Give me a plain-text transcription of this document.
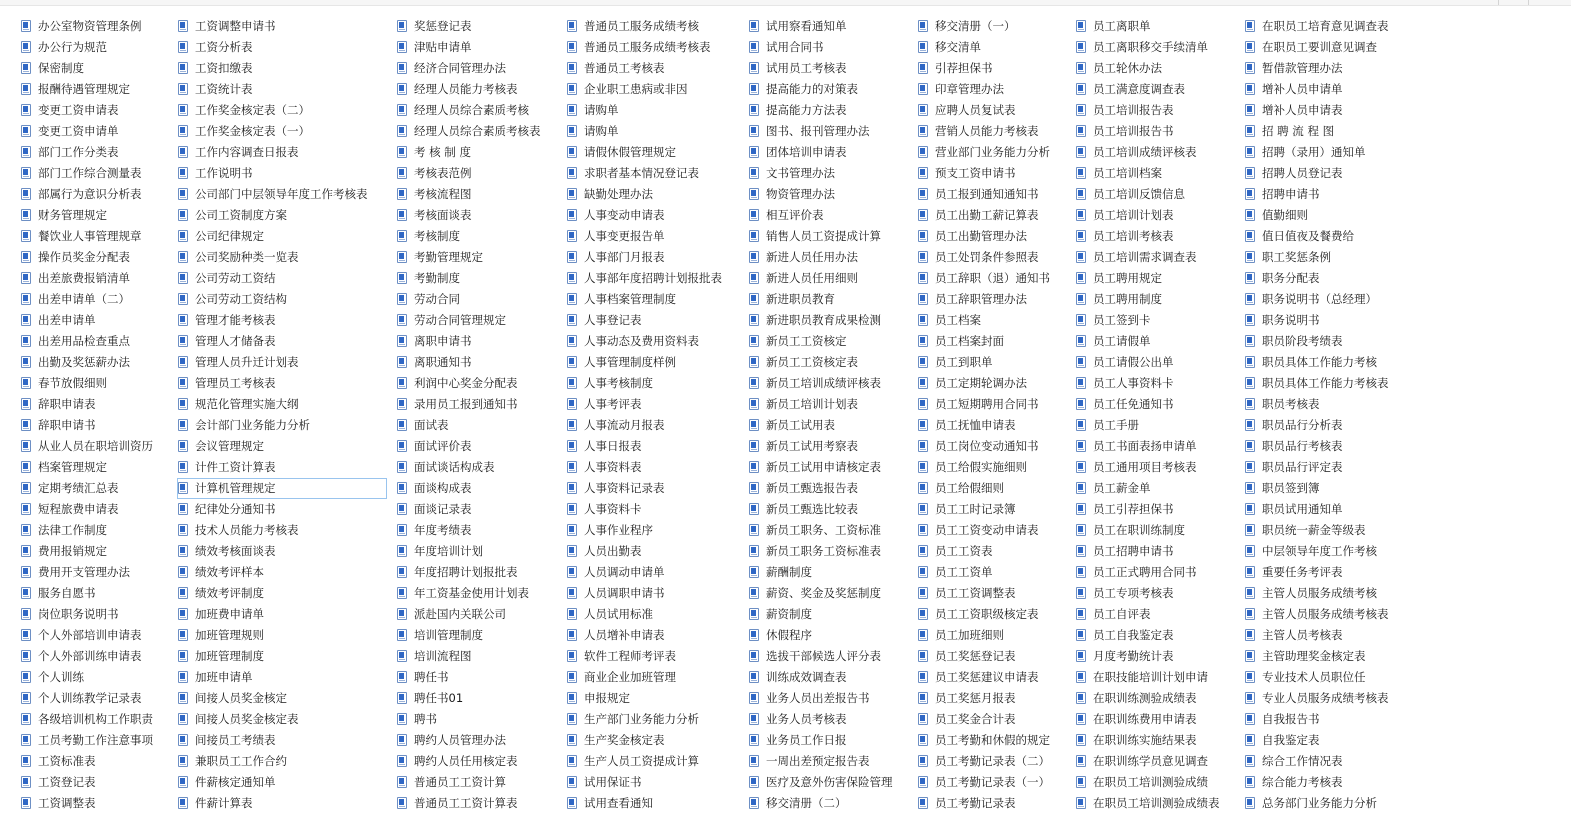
办公室物资管理条例
办公行为规范
保密制度
报酬待遇管理规定
变更工资申请表
变更工资申请单
部门工作分类表
部门工作综合测量表
部属行为意识分析表
财务管理规定
餐饮业人事管理规章
操作员奖金分配表
出差旅费报销清单
出差申请单（二）
出差申请单
出差用品检查重点
出勤及奖惩薪办法
春节放假细则
辞职申请表
辞职申请书
从业人员在职培训资历
档案管理规定
定期考绩汇总表
短程旅费申请表
法律工作制度
费用报销规定
费用开支管理办法
服务自愿书
岗位职务说明书
个人外部培训申请表
个人外部训练申请表
个人训练
个人训练教学记录表
各级培训机构工作职责
工员考勤工作注意事项
工资标准表
工资登记表
工资调整表
工资调整申请书
工资分析表
工资扣缴表
工资统计表
工作奖金核定表（二）
工作奖金核定表（一）
工作内容调查日报表
工作说明书
公司部门中层领导年度工作考核表
公司工资制度方案
公司纪律规定
公司奖励种类一览表
公司劳动工资结
公司劳动工资结构
管理才能考核表
管理人才储备表
管理人员升迁计划表
管理员工考核表
规范化管理实施大纲
会计部门业务能力分析
会议管理规定
计件工资计算表
计算机管理规定
纪律处分通知书
技术人员能力考核表
绩效考核面谈表
绩效考评样本
绩效考评制度
加班费申请单
加班管理规则
加班管理制度
加班申请单
间接人员奖金核定
间接人员奖金核定表
间接员工考绩表
兼职员工工作合约
件薪核定通知单
件薪计算表
奖惩登记表
津贴申请单
经济合同管理办法
经理人员能力考核表
经理人员综合素质考核
经理人员综合素质考核表
考 核 制 度
考核表范例
考核流程图
考核面谈表
考核制度
考勤管理规定
考勤制度
劳动合同
劳动合同管理规定
离职申请书
离职通知书
利润中心奖金分配表
录用员工报到通知书
面试表
面试评价表
面试谈话构成表
面谈构成表
面谈记录表
年度考绩表
年度培训计划
年度招聘计划报批表
年工资基金使用计划表
派赴国内关联公司
培训管理制度
培训流程图
聘任书
聘任书01
聘书
聘约人员管理办法
聘约人员任用核定表
普通员工工资计算
普通员工工资计算表
普通员工服务成绩考核
普通员工服务成绩考核表
普通员工考核表
企业职工患病或非因
请购单
请购单
请假休假管理规定
求职者基本情况登记表
缺勤处理办法
人事变动申请表
人事变更报告单
人事部门月报表
人事部年度招聘计划报批表
人事档案管理制度
人事登记表
人事动态及费用资料表
人事管理制度样例
人事考核制度
人事考评表
人事流动月报表
人事日报表
人事资料表
人事资料记录表
人事资料卡
人事作业程序
人员出勤表
人员调动申请单
人员调职申请书
人员试用标准
人员增补申请表
软件工程师考评表
商业企业加班管理
申报规定
生产部门业务能力分析
生产奖金核定表
生产人员工资提成计算
试用保证书
试用查看通知
试用察看通知单
试用合同书
试用员工考核表
提高能力的对策表
提高能力方法表
图书、报刊管理办法
团体培训申请表
文书管理办法
物资管理办法
相互评价表
销售人员工资提成计算
新进人员任用办法
新进人员任用细则
新进职员教育
新进职员教育成果检测
新员工工资核定
新员工工资核定表
新员工培训成绩评核表
新员工培训计划表
新员工试用表
新员工试用考察表
新员工试用申请核定表
新员工甄选报告表
新员工甄选比较表
新员工职务、工资标准
新员工职务工资标准表
薪酬制度
薪资、奖金及奖惩制度
薪资制度
休假程序
选拔干部候选人评分表
训练成效调查表
业务人员出差报告书
业务人员考核表
业务员工作日报
一周出差预定报告表
医疗及意外伤害保险管理
移交清册（二）
移交清册（一）
移交清单
引荐担保书
印章管理办法
应聘人员复试表
营销人员能力考核表
营业部门业务能力分析
预支工资申请书
员工报到通知通知书
员工出勤工薪记算表
员工出勤管理办法
员工处罚条件参照表
员工辞职（退）通知书
员工辞职管理办法
员工档案
员工档案封面
员工到职单
员工定期轮调办法
员工短期聘用合同书
员工抚恤申请表
员工岗位变动通知书
员工给假实施细则
员工给假细则
员工工时记录簿
员工工资变动申请表
员工工资表
员工工资单
员工工资调整表
员工工资职级核定表
员工加班细则
员工奖惩登记表
员工奖惩建议申请表
员工奖惩月报表
员工奖金合计表
员工考勤和休假的规定
员工考勤记录表（二）
员工考勤记录表（一）
员工考勤记录表
员工离职单
员工离职移交手续清单
员工轮休办法
员工满意度调查表
员工培训报告表
员工培训报告书
员工培训成绩评核表
员工培训档案
员工培训反馈信息
员工培训计划表
员工培训考核表
员工培训需求调查表
员工聘用规定
员工聘用制度
员工签到卡
员工请假单
员工请假公出单
员工人事资料卡
员工任免通知书
员工手册
员工书面表扬申请单
员工通用项目考核表
员工薪金单
员工引荐担保书
员工在职训练制度
员工招聘申请书
员工正式聘用合同书
员工专项考核表
员工自评表
员工自我鉴定表
月度考勤统计表
在职技能培训计划申请
在职训练测验成绩表
在职训练费用申请表
在职训练实施结果表
在职训练学员意见调查
在职员工培训测验成绩
在职员工培训测验成绩表
在职员工培育意见调查表
在职员工要训意见调查
暂借款管理办法
增补人员申请单
增补人员申请表
招 聘 流 程 图
招聘（录用）通知单
招聘人员登记表
招聘申请书
值勤细则
值日值夜及餐费给
职工奖惩条例
职务分配表
职务说明书（总经理）
职务说明书
职员阶段考绩表
职员具体工作能力考核
职员具体工作能力考核表
职员考核表
职员品行分析表
职员品行考核表
职员品行评定表
职员签到簿
职员试用通知单
职员统一薪金等级表
中层领导年度工作考核
重要任务考评表
主管人员服务成绩考核
主管人员服务成绩考核表
主管人员考核表
主管助理奖金核定表
专业技术人员职位任
专业人员服务成绩考核表
自我报告书
自我鉴定表
综合工作情况表
综合能力考核表
总务部门业务能力分析
